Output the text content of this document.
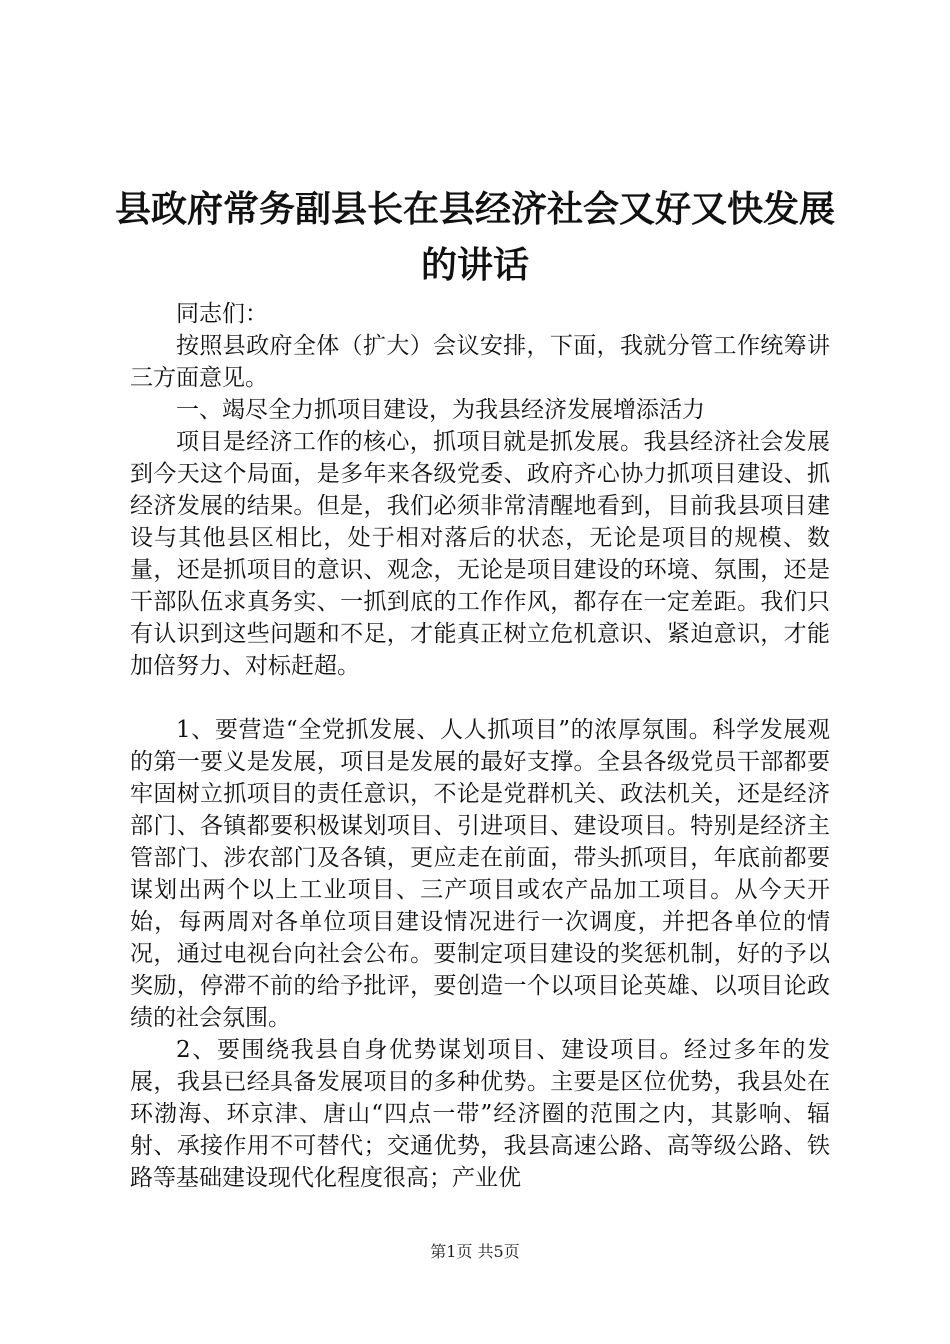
县政府常务副县长在县经济社会又好又快发展
的讲话

同志们：

按照县政府全体（扩大）会议安排，下面，我就分管工作统筹讲三方面意见。

一、竭尽全力抓项目建设，为我县经济发展增添活力

项目是经济工作的核心，抓项目就是抓发展。我县经济社会发展到今天这个局面，是多年来各级党委、政府齐心协力抓项目建设、抓经济发展的结果。但是，我们必须非常清醒地看到，目前我县项目建设与其他县区相比，处于相对落后的状态，无论是项目的规模、数量，还是抓项目的意识、观念，无论是项目建设的环境、氛围，还是干部队伍求真务实、一抓到底的工作作风，都存在一定差距。我们只有认识到这些问题和不足，才能真正树立危机意识、紧迫意识，才能加倍努力、对标赶超。

1、要营造“全党抓发展、人人抓项目”的浓厚氛围。科学发展观的第一要义是发展，项目是发展的最好支撑。全县各级党员干部都要牢固树立抓项目的责任意识，不论是党群机关、政法机关，还是经济部门、各镇都要积极谋划项目、引进项目、建设项目。特别是经济主管部门、涉农部门及各镇，更应走在前面，带头抓项目，年底前都要谋划出两个以上工业项目、三产项目或农产品加工项目。从今天开始，每两周对各单位项目建设情况进行一次调度，并把各单位的情况，通过电视台向社会公布。要制定项目建设的奖惩机制，好的予以奖励，停滞不前的给予批评，要创造一个以项目论英雄、以项目论政绩的社会氛围。

2、要围绕我县自身优势谋划项目、建设项目。经过多年的发展，我县已经具备发展项目的多种优势。主要是区位优势，我县处在环渤海、环京津、唐山“四点一带”经济圈的范围之内，其影响、辐射、承接作用不可替代；交通优势，我县高速公路、高等级公路、铁路等基础建设现代化程度很高；产业优

第1页 共5页
